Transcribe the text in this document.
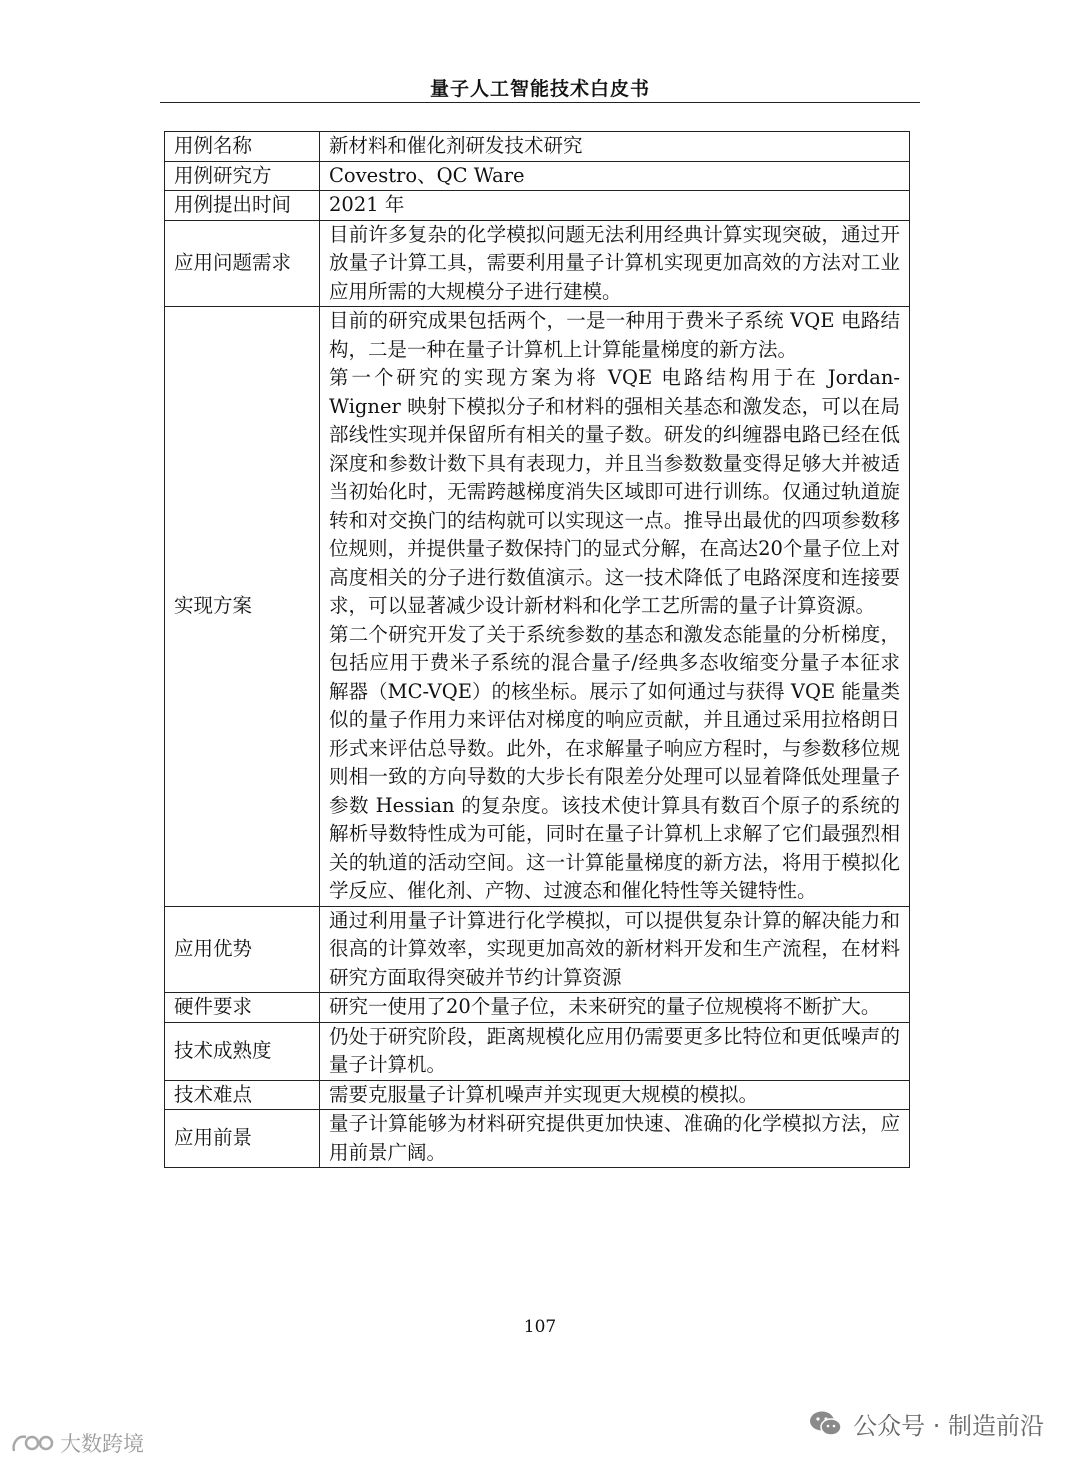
量子人工智能技术白皮书
用例名称	新材料和催化剂研发技术研究

用例研究方	Covestro、QC Ware

用例提出时间	2021 年

应用问题需求	目前许多复杂的化学模拟问题无法利用经典计算实现突破，通过开放量子计算工具，需要利用量子计算机实现更加高效的方法对工业应用所需的大规模分子进行建模。

实现方案	目前的研究成果包括两个，一是一种用于费米子系统 VQE 电路结构，二是一种在量子计算机上计算能量梯度的新方法。

第一个研究的实现方案为将 VQE 电路结构用于在 Jordan-Wigner 映射下模拟分子和材料的强相关基态和激发态，可以在局部线性实现并保留所有相关的量子数。研发的纠缠器电路已经在低深度和参数计数下具有表现力，并且当参数数量变得足够大并被适当初始化时，无需跨越梯度消失区域即可进行训练。仅通过轨道旋转和对交换门的结构就可以实现这一点。推导出最优的四项参数移位规则，并提供量子数保持门的显式分解，在高达20个量子位上对高度相关的分子进行数值演示。这一技术降低了电路深度和连接要求，可以显著减少设计新材料和化学工艺所需的量子计算资源。

第二个研究开发了关于系统参数的基态和激发态能量的分析梯度，包括应用于费米子系统的混合量子/经典多态收缩变分量子本征求解器（MC-VQE）的核坐标。展示了如何通过与获得 VQE 能量类似的量子作用力来评估对梯度的响应贡献，并且通过采用拉格朗日形式来评估总导数。此外，在求解量子响应方程时，与参数移位规则相一致的方向导数的大步长有限差分处理可以显着降低处理量子参数 Hessian 的复杂度。该技术使计算具有数百个原子的系统的解析导数特性成为可能，同时在量子计算机上求解了它们最强烈相关的轨道的活动空间。这一计算能量梯度的新方法，将用于模拟化学反应、催化剂、产物、过渡态和催化特性等关键特性。

应用优势	通过利用量子计算进行化学模拟，可以提供复杂计算的解决能力和很高的计算效率，实现更加高效的新材料开发和生产流程，在材料研究方面取得突破并节约计算资源

硬件要求	研究一使用了20个量子位，未来研究的量子位规模将不断扩大。

技术成熟度	仍处于研究阶段，距离规模化应用仍需要更多比特位和更低噪声的量子计算机。

技术难点	需要克服量子计算机噪声并实现更大规模的模拟。

应用前景	量子计算能够为材料研究提供更加快速、准确的化学模拟方法，应用前景广阔。

107
公众号 · 制造前沿
大数跨境
